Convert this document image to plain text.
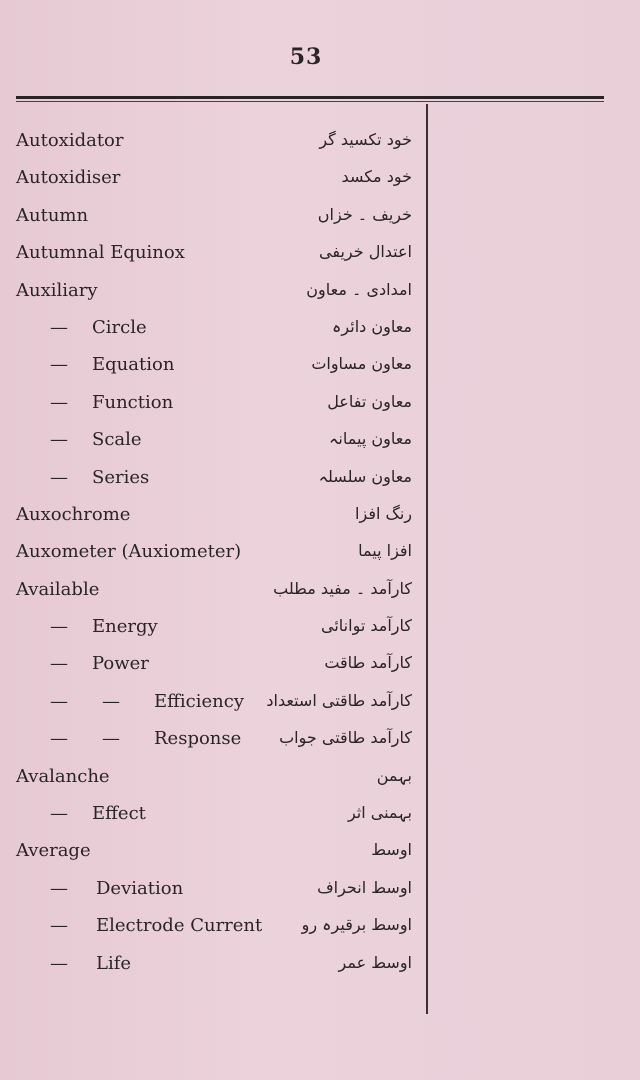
53
Autoxidator	خود تکسید گر
Autoxidiser	خود مکسد
Autumn	خریف ۔ خزاں
Autumnal Equinox	اعتدال خریفی
Auxiliary	امدادی ۔ معاون
— Circle	معاون دائرہ
— Equation	معاون مساوات
— Function	معاون تفاعل
— Scale	معاون پیمانہ
— Series	معاون سلسلہ
Auxochrome	رنگ افزا
Auxometer (Auxiometer)	افزا پیما
Available	کارآمد ۔ مفید مطلب
— Energy	کارآمد توانائی
— Power	کارآمد طاقت
— — Efficiency	کارآمد طاقتی استعداد
— — Response	کارآمد طاقتی جواب
Avalanche	بہمن
— Effect	بہمنی اثر
Average	اوسط
— Deviation	اوسط انحراف
— Electrode Current	اوسط برقیرہ رو
— Life	اوسط عمر
